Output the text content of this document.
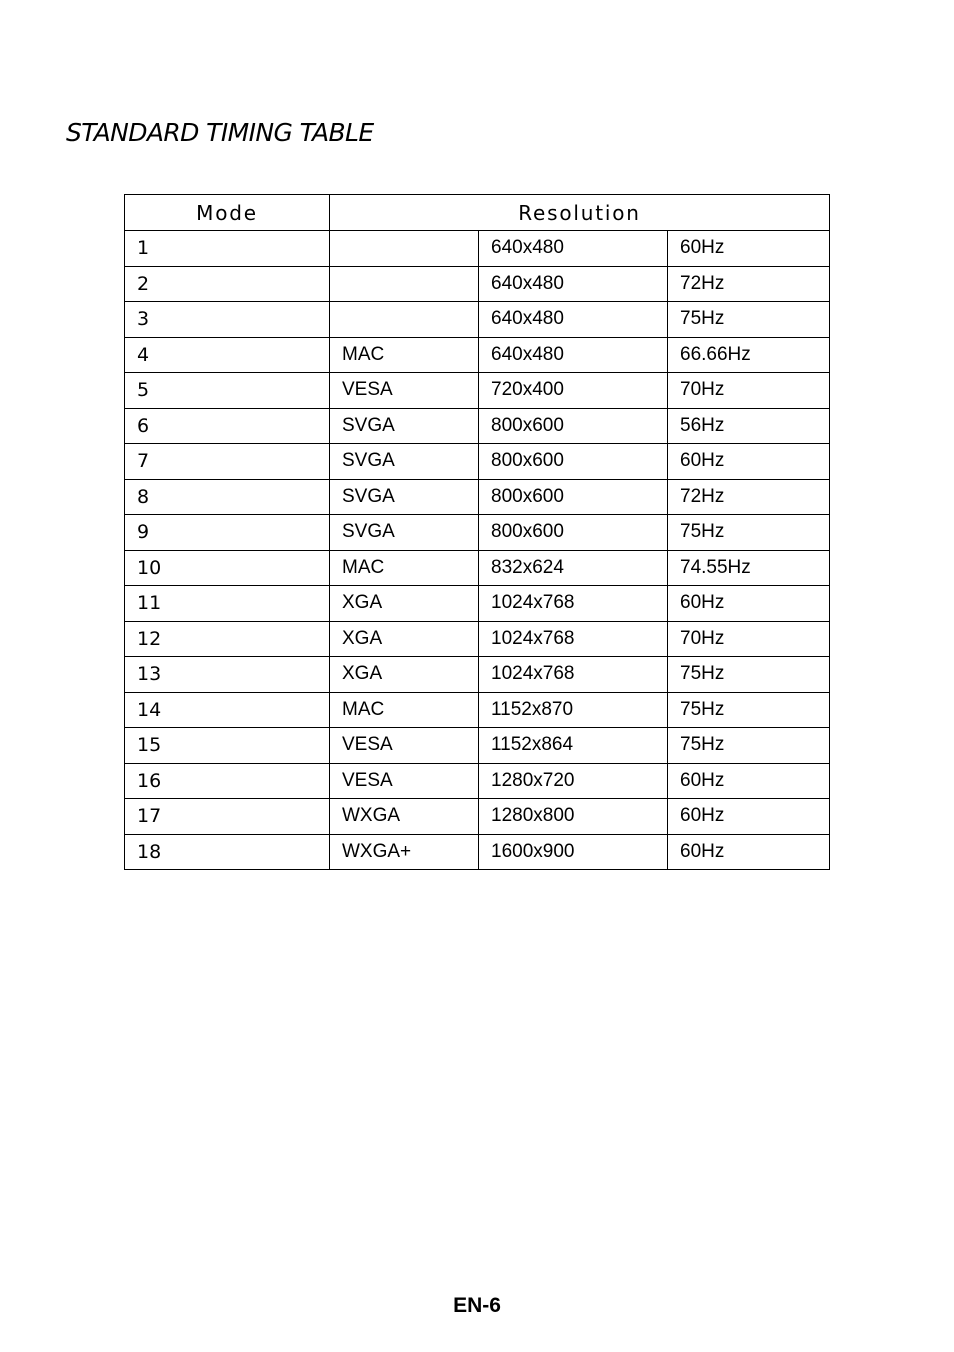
STANDARD TIMING TABLE
Mode	Resolution		
1		640x480	60Hz
2		640x480	72Hz
3		640x480	75Hz
4	MAC	640x480	66.66Hz
5	VESA	720x400	70Hz
6	SVGA	800x600	56Hz
7	SVGA	800x600	60Hz
8	SVGA	800x600	72Hz
9	SVGA	800x600	75Hz
10	MAC	832x624	74.55Hz
11	XGA	1024x768	60Hz
12	XGA	1024x768	70Hz
13	XGA	1024x768	75Hz
14	MAC	1152x870	75Hz
15	VESA	1152x864	75Hz
16	VESA	1280x720	60Hz
17	WXGA	1280x800	60Hz
18	WXGA+	1600x900	60Hz
EN-6
